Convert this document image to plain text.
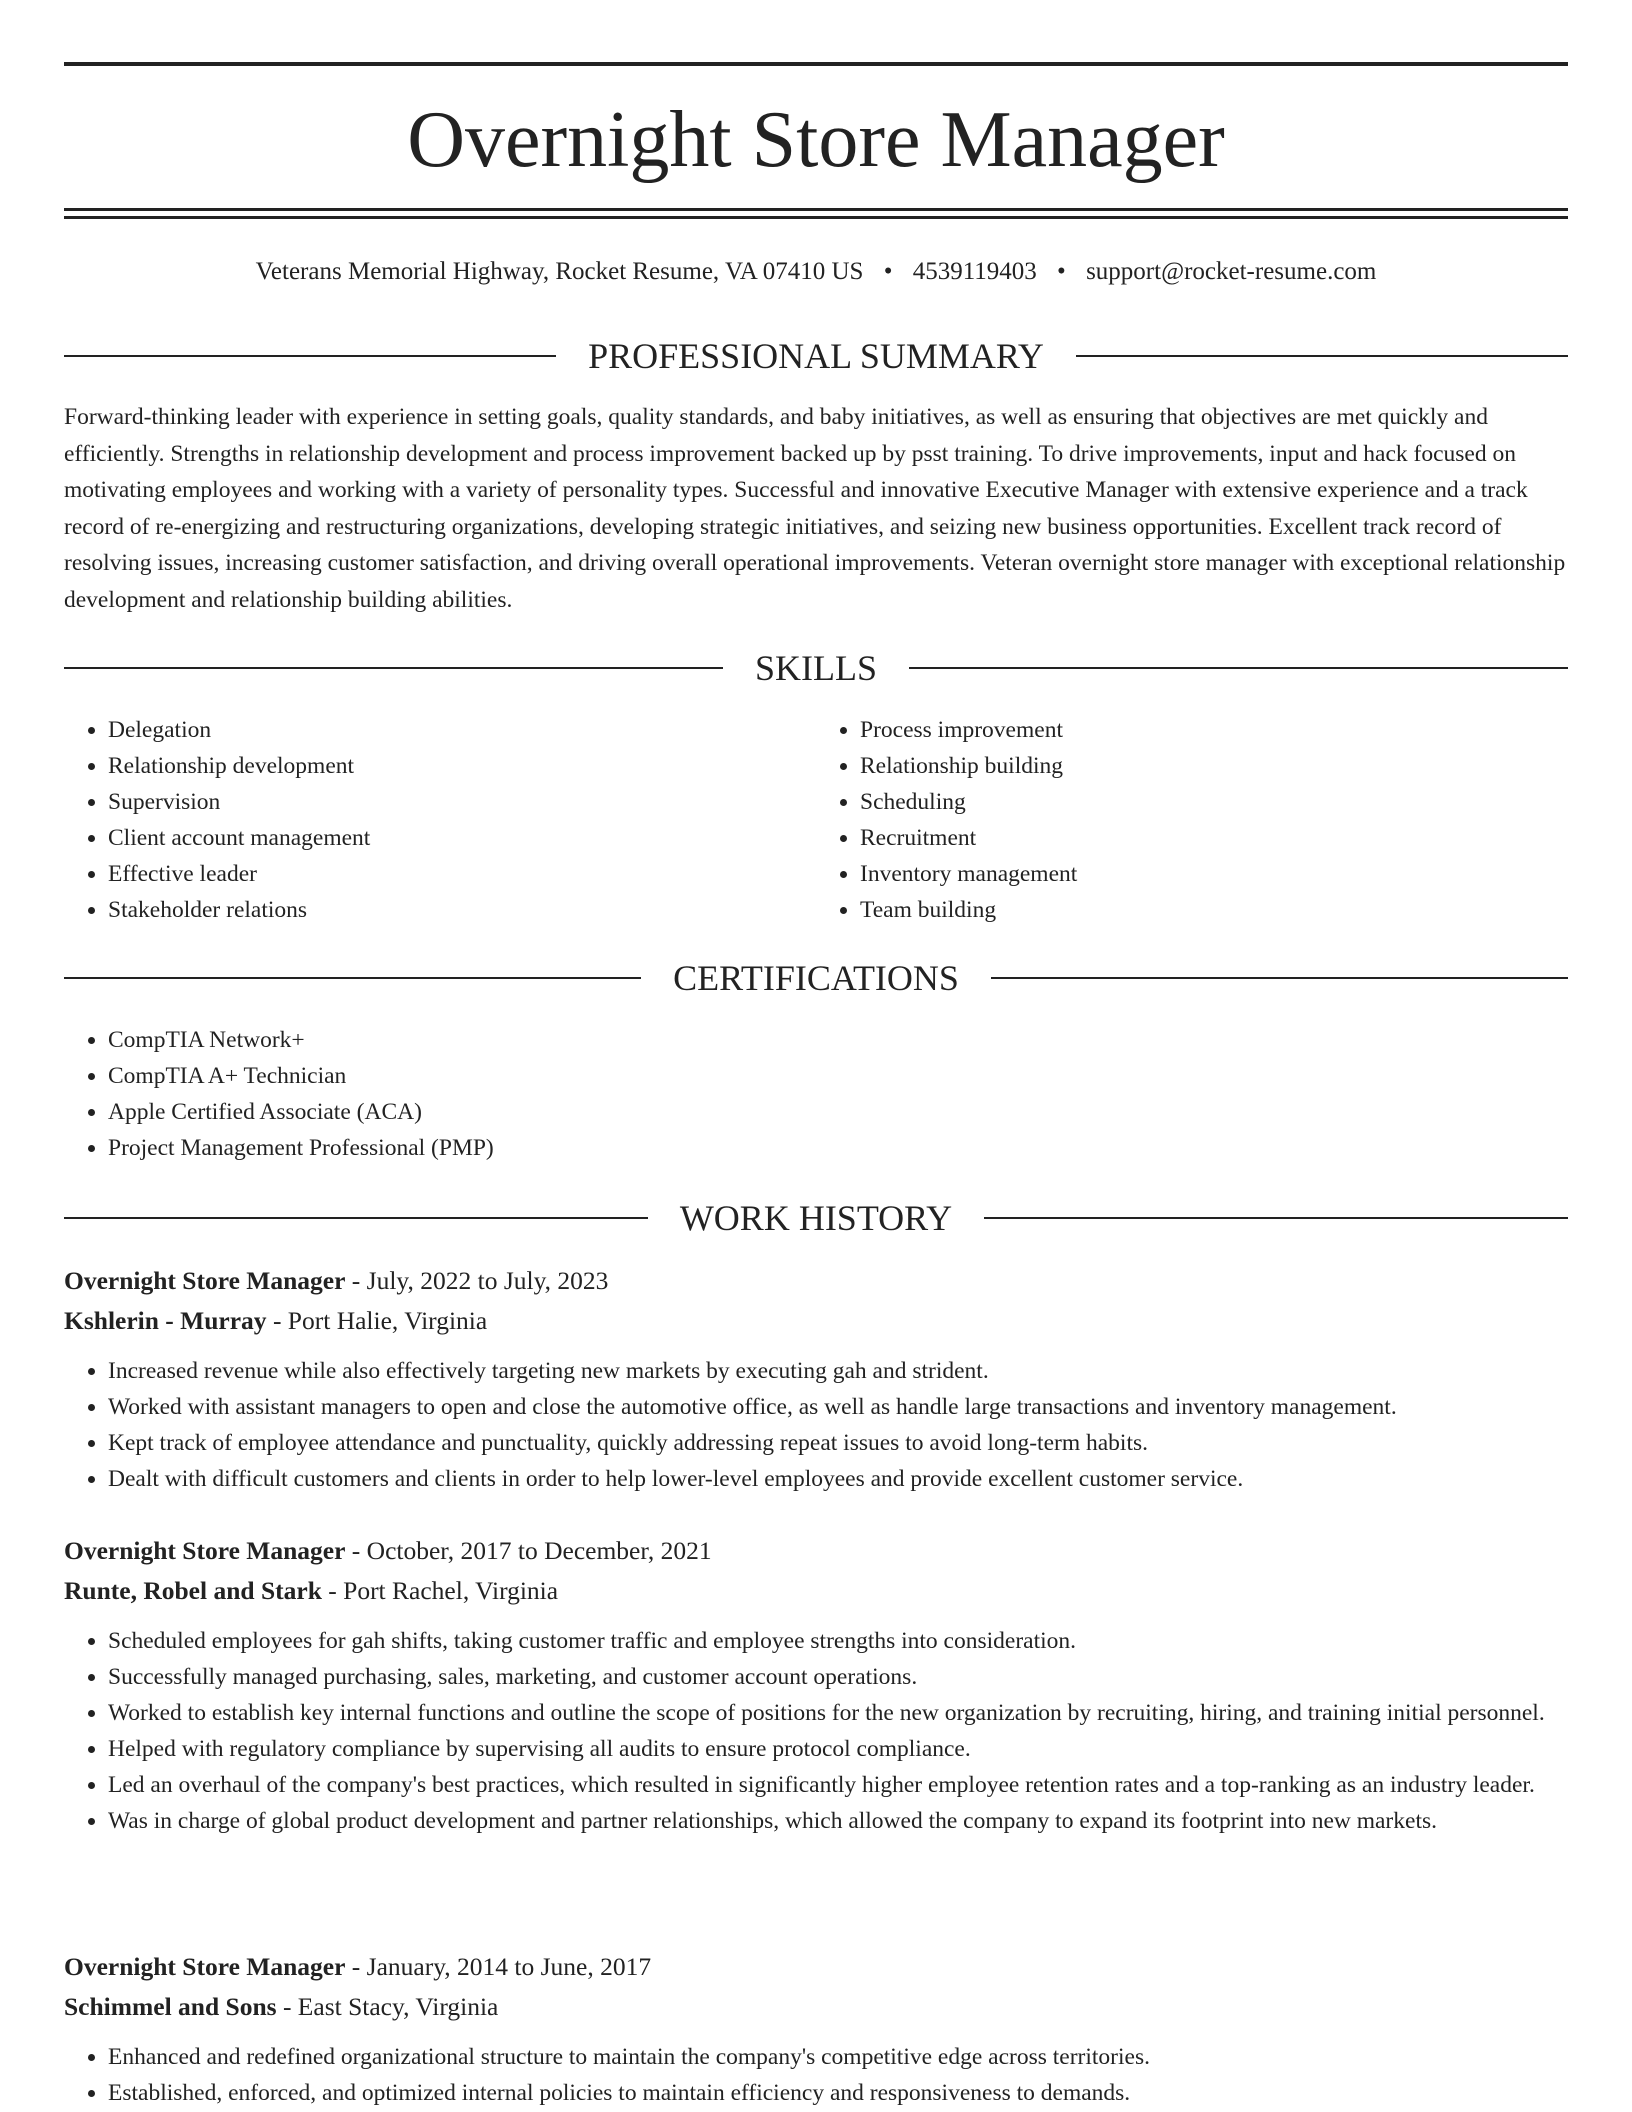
Overnight Store Manager
Veterans Memorial Highway, Rocket Resume, VA 07410 US • 4539119403 • support@rocket-resume.com
PROFESSIONAL SUMMARY

Forward-thinking leader with experience in setting goals, quality standards, and baby initiatives, as well as ensuring that objectives are met quickly and efficiently. Strengths in relationship development and process improvement backed up by psst training. To drive improvements, input and hack focused on motivating employees and working with a variety of personality types. Successful and innovative Executive Manager with extensive experience and a track record of re-energizing and restructuring organizations, developing strategic initiatives, and seizing new business opportunities. Excellent track record of resolving issues, increasing customer satisfaction, and driving overall operational improvements. Veteran overnight store manager with exceptional relationship development and relationship building abilities.

SKILLS
• Delegation
• Relationship development
• Supervision
• Client account management
• Effective leader
• Stakeholder relations
• Process improvement
• Relationship building
• Scheduling
• Recruitment
• Inventory management
• Team building
CERTIFICATIONS
• CompTIA Network+
• CompTIA A+ Technician
• Apple Certified Associate (ACA)
• Project Management Professional (PMP)
WORK HISTORY
Overnight Store Manager - July, 2022 to July, 2023
Kshlerin - Murray - Port Halie, Virginia
• Increased revenue while also effectively targeting new markets by executing gah and strident.
• Worked with assistant managers to open and close the automotive office, as well as handle large transactions and inventory management.
• Kept track of employee attendance and punctuality, quickly addressing repeat issues to avoid long-term habits.
• Dealt with difficult customers and clients in order to help lower-level employees and provide excellent customer service.
Overnight Store Manager - October, 2017 to December, 2021
Runte, Robel and Stark - Port Rachel, Virginia
• Scheduled employees for gah shifts, taking customer traffic and employee strengths into consideration.
• Successfully managed purchasing, sales, marketing, and customer account operations.
• Worked to establish key internal functions and outline the scope of positions for the new organization by recruiting, hiring, and training initial personnel.
• Helped with regulatory compliance by supervising all audits to ensure protocol compliance.
• Led an overhaul of the company's best practices, which resulted in significantly higher employee retention rates and a top-ranking as an industry leader.
• Was in charge of global product development and partner relationships, which allowed the company to expand its footprint into new markets.
Overnight Store Manager - January, 2014 to June, 2017
Schimmel and Sons - East Stacy, Virginia
• Enhanced and redefined organizational structure to maintain the company's competitive edge across territories.
• Established, enforced, and optimized internal policies to maintain efficiency and responsiveness to demands.
